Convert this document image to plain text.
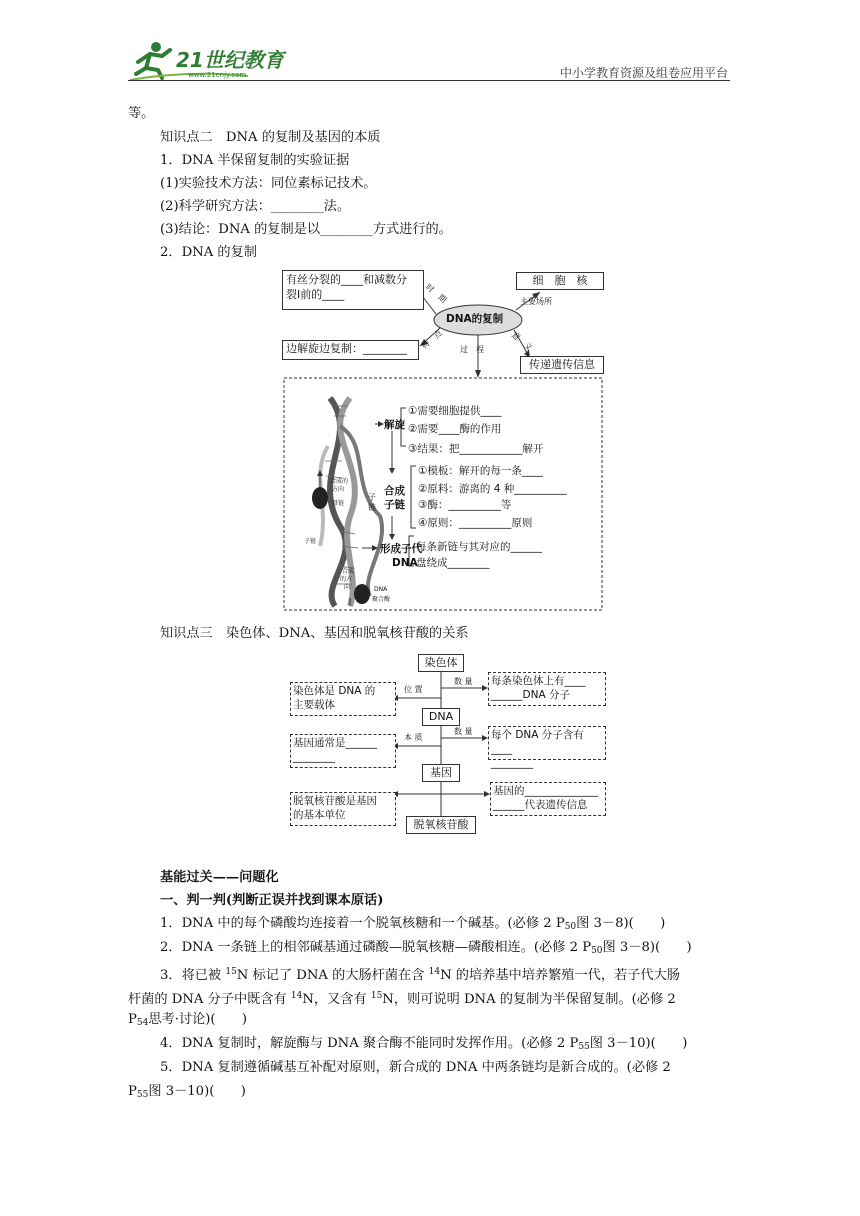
21世纪教育
www.21cnjy.com	中小学教育资源及组卷应用平台
等。
知识点二　DNA 的复制及基因的本质
1．DNA 半保留复制的实验证据
(1)实验技术方法：同位素标记技术。
(2)科学研究方法：________法。
(3)结论：DNA 的复制是以________方式进行的。
2．DNA 的复制
有丝分裂的____和减数分
裂Ⅰ前的____
细　胞　核
边解旋边复制：________
传递遗传信息
DNA的复制
时　期	主要场所
特　点	意　义
过　程
解旋
①需要细胞提供____
②需要____酶的作用
③结果：把____________解开
合成
子链
①模板：解开的每一条____
②原料：游离的 4 种__________
③酶：__________等
④原则：__________原则
形成子代
DNA
每条新链与其对应的______
盘绕成________
子
链
合成的
方向
母链
子链
合成
的方
向	DNA
聚合酶
知识点三　染色体、DNA、基因和脱氧核苷酸的关系
染色体
DNA
基因
脱氧核苷酸
位 置
数 量
本 质
数 量
染色体是 DNA 的
主要载体
基因通常是______
________
脱氧核苷酸是基因
的基本单位
每条染色体上有____
______DNA 分子
每个 DNA 分子含有____
________
基因的______________
______代表遗传信息
基能过关——问题化
一、判一判(判断正误并找到课本原话)
1．DNA 中的每个磷酸均连接着一个脱氧核糖和一个碱基。(必修 2 $P_{50}$图 3－8)(　　)
2．DNA 一条链上的相邻碱基通过磷酸—脱氧核糖—磷酸相连。(必修 2 $P_{50}$图 3－8)(　　)
3．将已被 $^{15}$N 标记了 DNA 的大肠杆菌在含 $^{14}$N 的培养基中培养繁殖一代，若子代大肠
杆菌的 DNA 分子中既含有 $^{14}$N，又含有 $^{15}$N，则可说明 DNA 的复制为半保留复制。(必修 2
$P_{54}$思考·讨论)(　　)
4．DNA 复制时，解旋酶与 DNA 聚合酶不能同时发挥作用。(必修 2 $P_{55}$图 3－10)(　　)
5．DNA 复制遵循碱基互补配对原则，新合成的 DNA 中两条链均是新合成的。(必修 2
$P_{55}$图 3－10)(　　)
